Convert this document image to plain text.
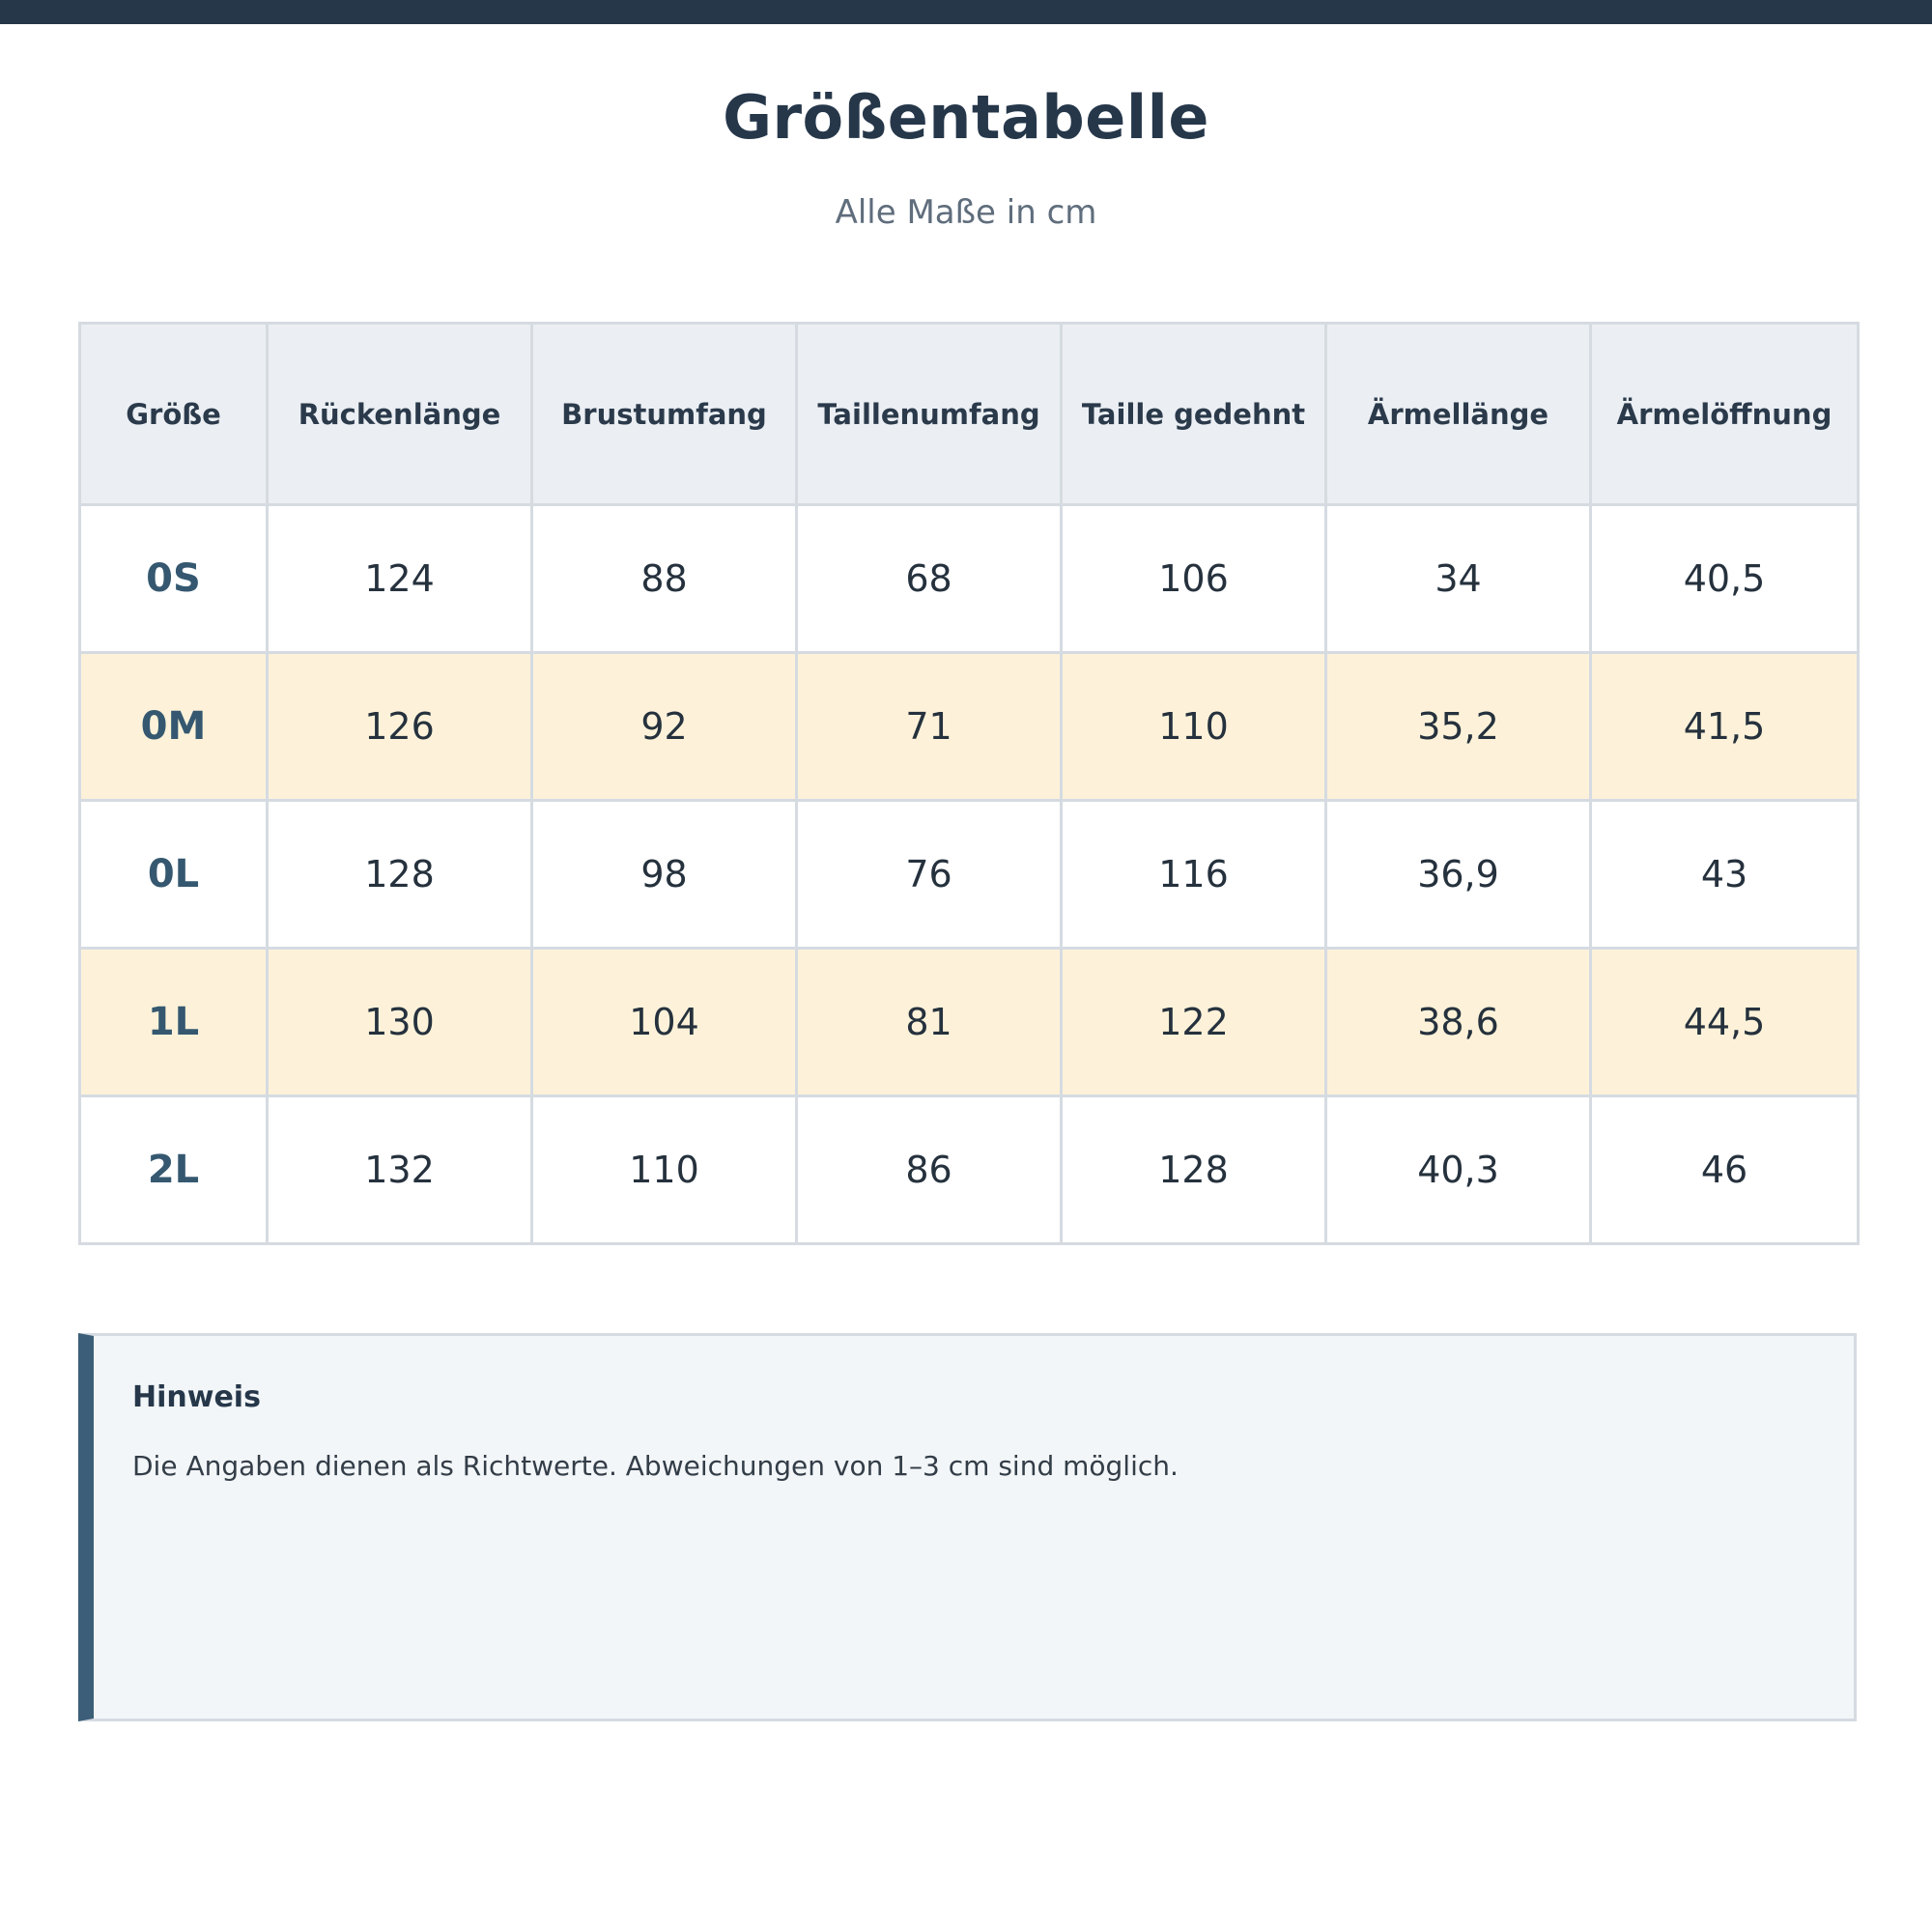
Größentabelle
Alle Maße in cm
Größe	Rückenlänge	Brustumfang	Taillenumfang	Taille gedehnt	Ärmellänge	Ärmelöffnung
0S	124	88	68	106	34	40,5
0M	126	92	71	110	35,2	41,5
0L	128	98	76	116	36,9	43
1L	130	104	81	122	38,6	44,5
2L	132	110	86	128	40,3	46
Hinweis
Die Angaben dienen als Richtwerte. Abweichungen von 1–3 cm sind möglich.
